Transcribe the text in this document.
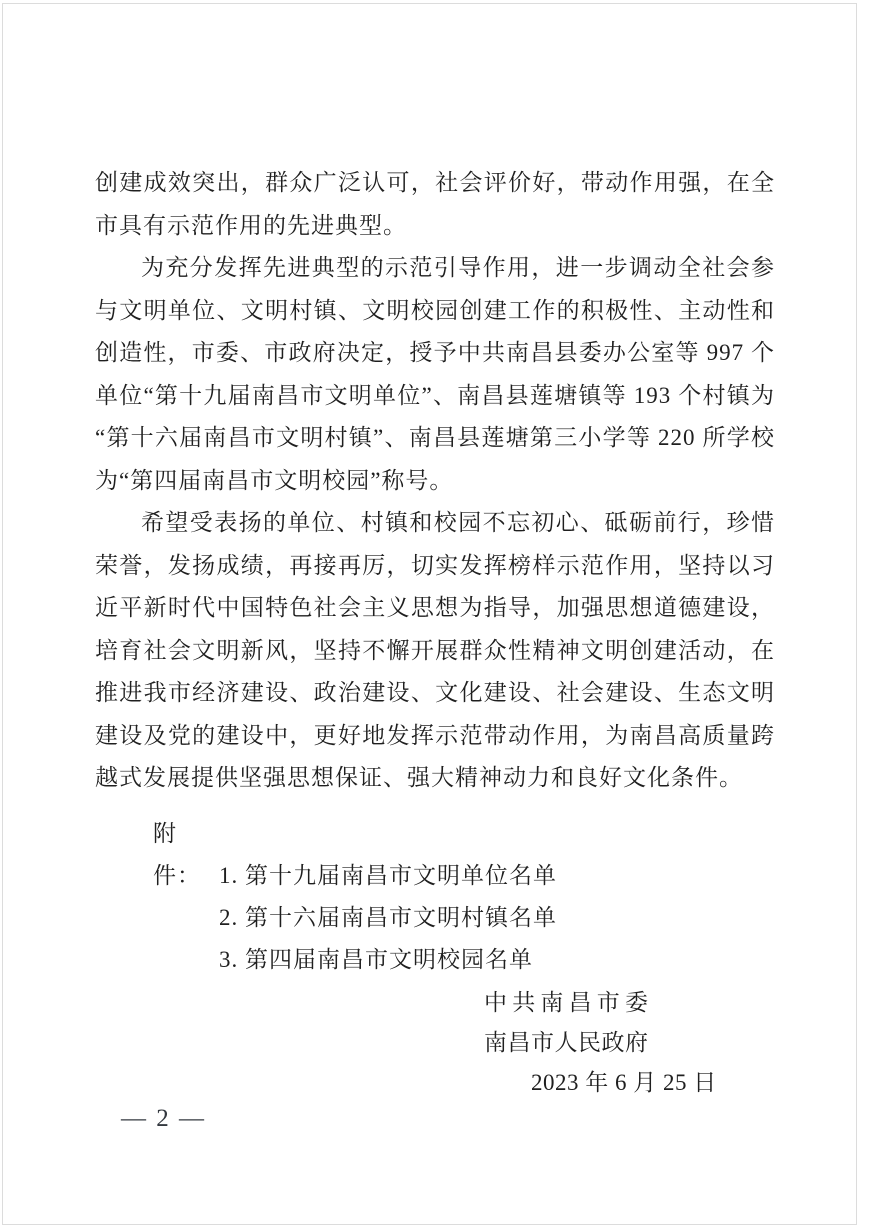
创建成效突出，群众广泛认可，社会评价好，带动作用强，在全
市具有示范作用的先进典型。
为充分发挥先进典型的示范引导作用，进一步调动全社会参
与文明单位、文明村镇、文明校园创建工作的积极性、主动性和
创造性，市委、市政府决定，授予中共南昌县委办公室等 997 个
单位“第十九届南昌市文明单位”、南昌县莲塘镇等 193 个村镇为
“第十六届南昌市文明村镇”、南昌县莲塘第三小学等 220 所学校
为“第四届南昌市文明校园”称号。
希望受表扬的单位、村镇和校园不忘初心、砥砺前行，珍惜
荣誉，发扬成绩，再接再厉，切实发挥榜样示范作用，坚持以习
近平新时代中国特色社会主义思想为指导，加强思想道德建设，
培育社会文明新风，坚持不懈开展群众性精神文明创建活动，在
推进我市经济建设、政治建设、文化建设、社会建设、生态文明
建设及党的建设中，更好地发挥示范带动作用，为南昌高质量跨
越式发展提供坚强思想保证、强大精神动力和良好文化条件。
附件： 1. 第十九届南昌市文明单位名单
2. 第十六届南昌市文明村镇名单
3. 第四届南昌市文明校园名单
中共南昌市委
南昌市人民政府
2023 年 6 月 25 日
— 2 —
